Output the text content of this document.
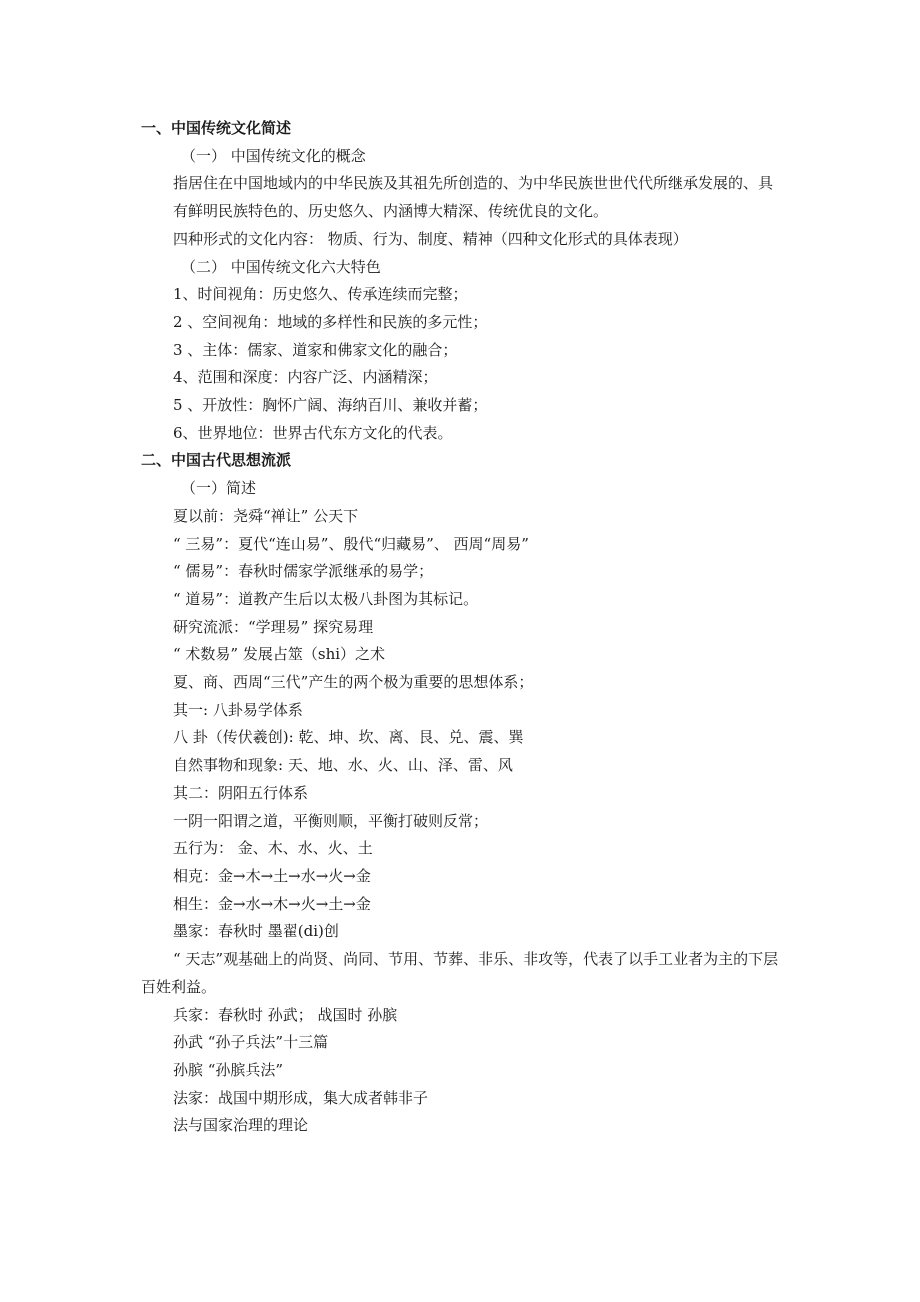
一、中国传统文化简述

（一） 中国传统文化的概念

指居住在中国地域内的中华民族及其祖先所创造的、为中华民族世世代代所继承发展的、具有鲜明民族特色的、历史悠久、内涵博大精深、传统优良的文化。

四种形式的文化内容： 物质、行为、制度、精神（四种文化形式的具体表现）

（二） 中国传统文化六大特色

1、时间视角：历史悠久、传承连续而完整；

2 、空间视角：地域的多样性和民族的多元性；

3 、主体：儒家、道家和佛家文化的融合；

4、范围和深度：内容广泛、内涵精深；

5 、开放性：胸怀广阔、海纳百川、兼收并蓄；

6、世界地位：世界古代东方文化的代表。

二、中国古代思想流派

（一）简述

夏以前：尧舜“禅让” 公天下

“ 三易”：夏代“连山易”、殷代“归藏易”、 西周“周易”

“ 儒易”：春秋时儒家学派继承的易学；

“ 道易”：道教产生后以太极八卦图为其标记。

研究流派：“学理易” 探究易理

“ 术数易” 发展占筮（shi）之术

夏、商、西周“三代”产生的两个极为重要的思想体系；

其一: 八卦易学体系

八 卦（传伏羲创): 乾、坤、坎、离、艮、兑、震、巽

自然事物和现象: 天、地、水、火、山、泽、雷、风

其二：阴阳五行体系

一阴一阳谓之道，平衡则顺，平衡打破则反常；

五行为： 金、木、水、火、土

相克：金→木→土→水→火→金

相生：金→水→木→火→土→金

墨家：春秋时 墨翟(di)创

“ 天志”观基础上的尚贤、尚同、节用、节葬、非乐、非攻等，代表了以手工业者为主的下层百姓利益。

兵家：春秋时 孙武； 战国时 孙膑

孙武 “孙子兵法”十三篇

孙膑 “孙膑兵法”

法家：战国中期形成，集大成者韩非子

法与国家治理的理论
